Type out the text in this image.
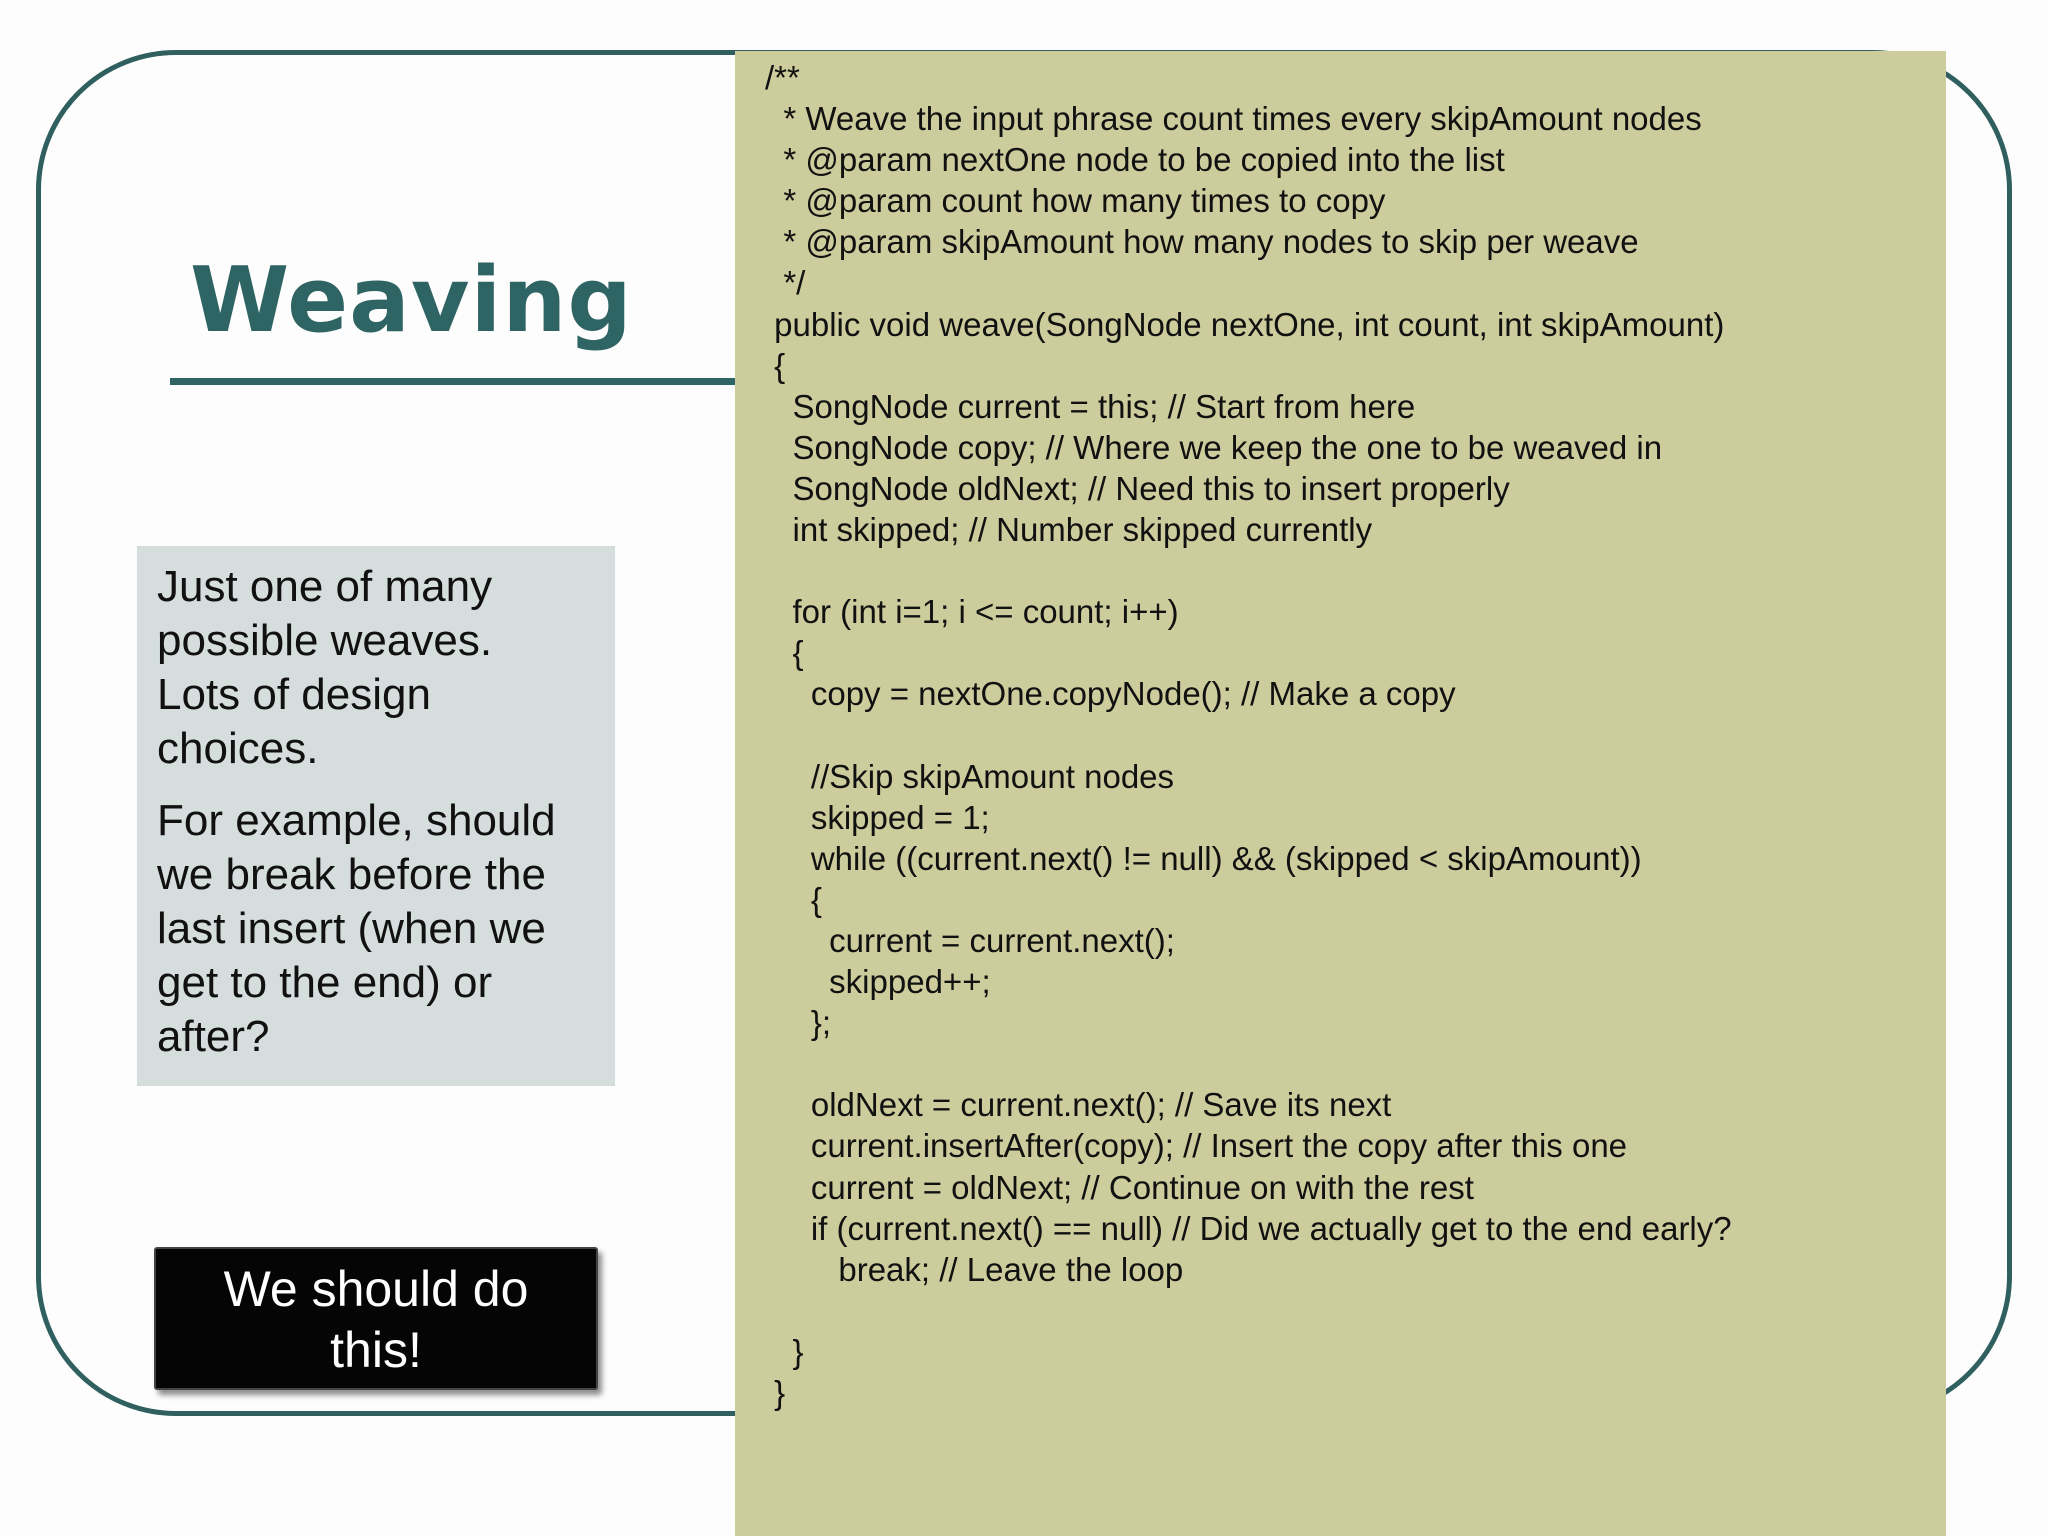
Weaving

Just one of many
possible weaves.
Lots of design
choices.

For example, should
we break before the
last insert (when we
get to the end) or
after?

We should do
this!
/**
* Weave the input phrase count times every skipAmount nodes
* @param nextOne node to be copied into the list
* @param count how many times to copy
* @param skipAmount how many nodes to skip per weave
*/
public void weave(SongNode nextOne, int count, int skipAmount)
{
SongNode current = this; // Start from here
SongNode copy; // Where we keep the one to be weaved in
SongNode oldNext; // Need this to insert properly
int skipped; // Number skipped currently

for (int i=1; i <= count; i++)
{
copy = nextOne.copyNode(); // Make a copy

//Skip skipAmount nodes
skipped = 1;
while ((current.next() != null) && (skipped < skipAmount))
{
current = current.next();
skipped++;
};

oldNext = current.next(); // Save its next
current.insertAfter(copy); // Insert the copy after this one
current = oldNext; // Continue on with the rest
if (current.next() == null) // Did we actually get to the end early?
break; // Leave the loop

}
}
